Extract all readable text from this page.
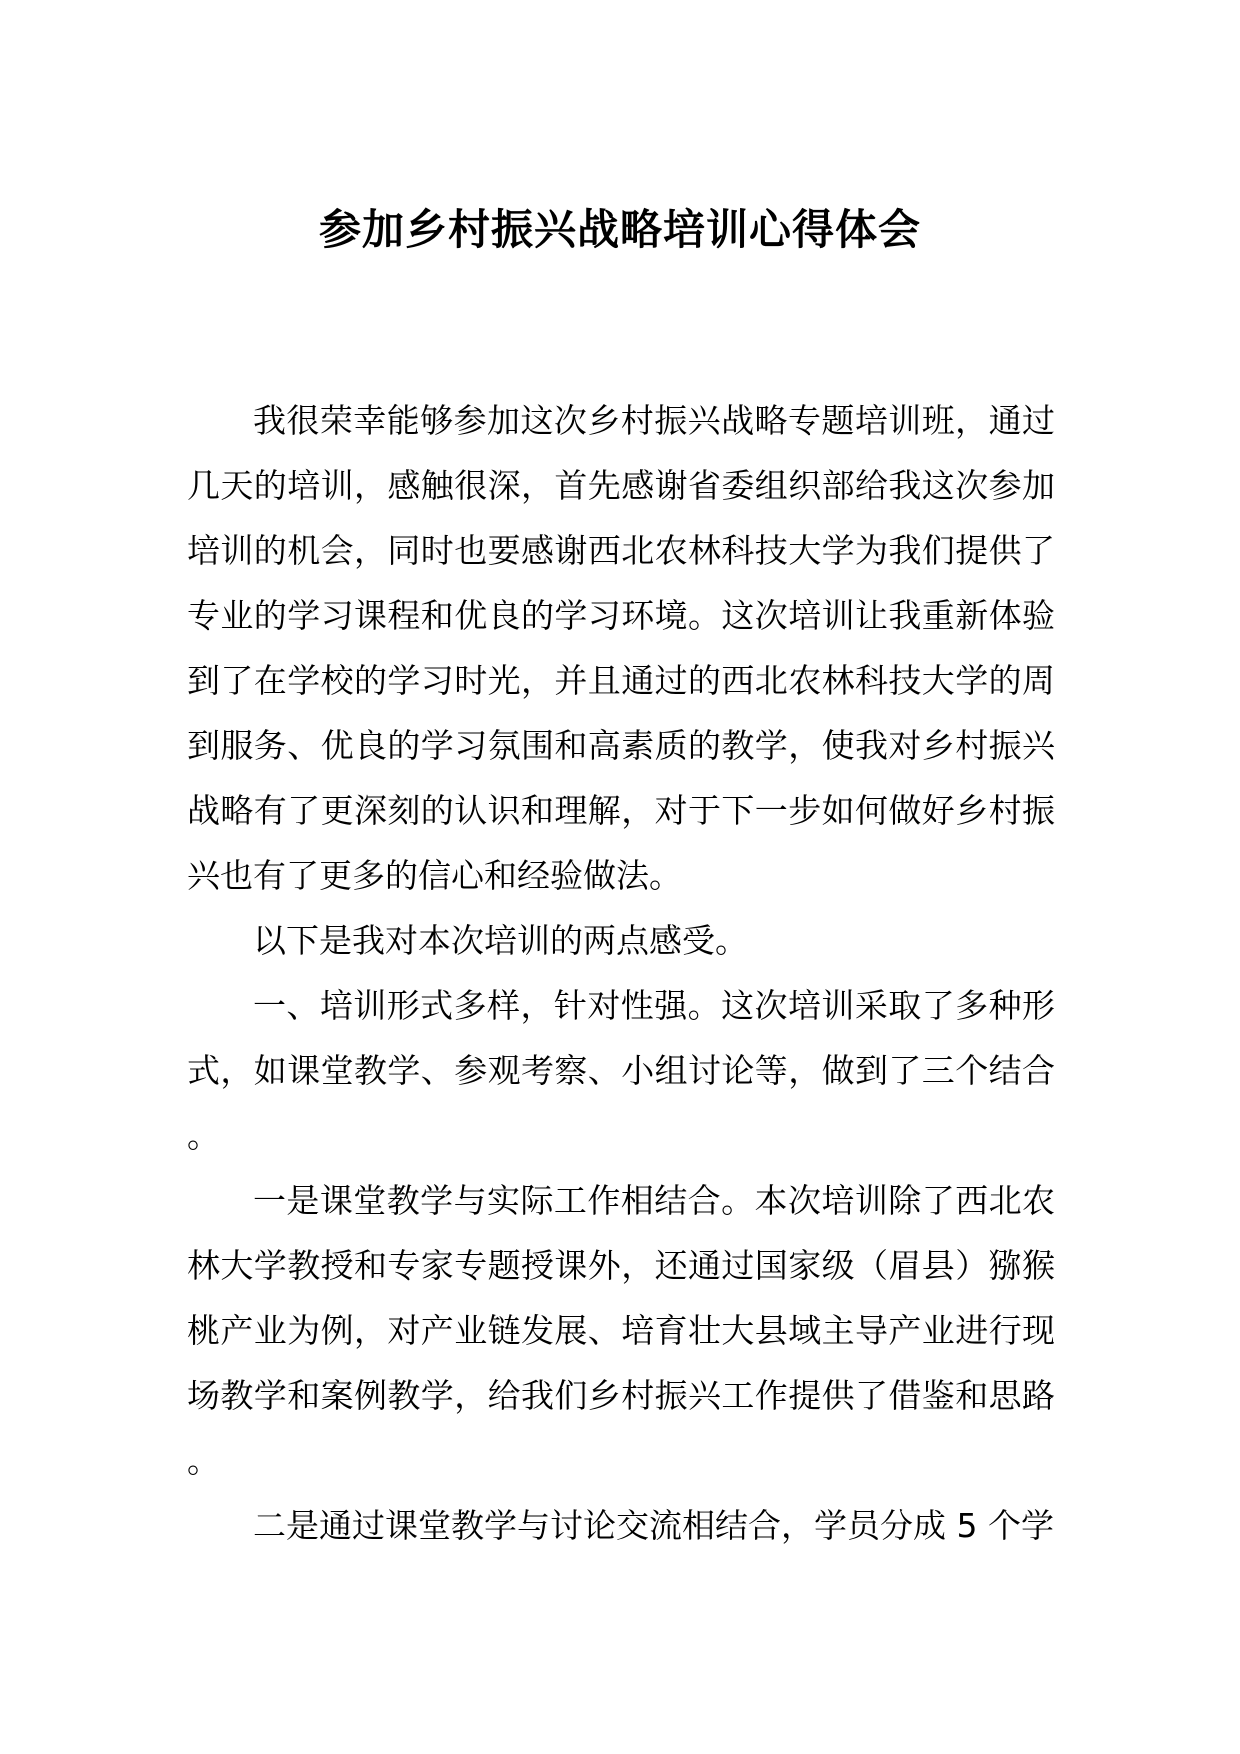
参加乡村振兴战略培训心得体会

我很荣幸能够参加这次乡村振兴战略专题培训班，通过几天的培训，感触很深，首先感谢省委组织部给我这次参加培训的机会，同时也要感谢西北农林科技大学为我们提供了专业的学习课程和优良的学习环境。这次培训让我重新体验到了在学校的学习时光，并且通过的西北农林科技大学的周到服务、优良的学习氛围和高素质的教学，使我对乡村振兴战略有了更深刻的认识和理解，对于下一步如何做好乡村振兴也有了更多的信心和经验做法。

以下是我对本次培训的两点感受。

一、培训形式多样，针对性强。这次培训采取了多种形式，如课堂教学、参观考察、小组讨论等，做到了三个结合。

一是课堂教学与实际工作相结合。本次培训除了西北农林大学教授和专家专题授课外，还通过国家级（眉县）猕猴桃产业为例，对产业链发展、培育壮大县域主导产业进行现场教学和案例教学，给我们乡村振兴工作提供了借鉴和思路。

二是通过课堂教学与讨论交流相结合，学员分成 5 个学
